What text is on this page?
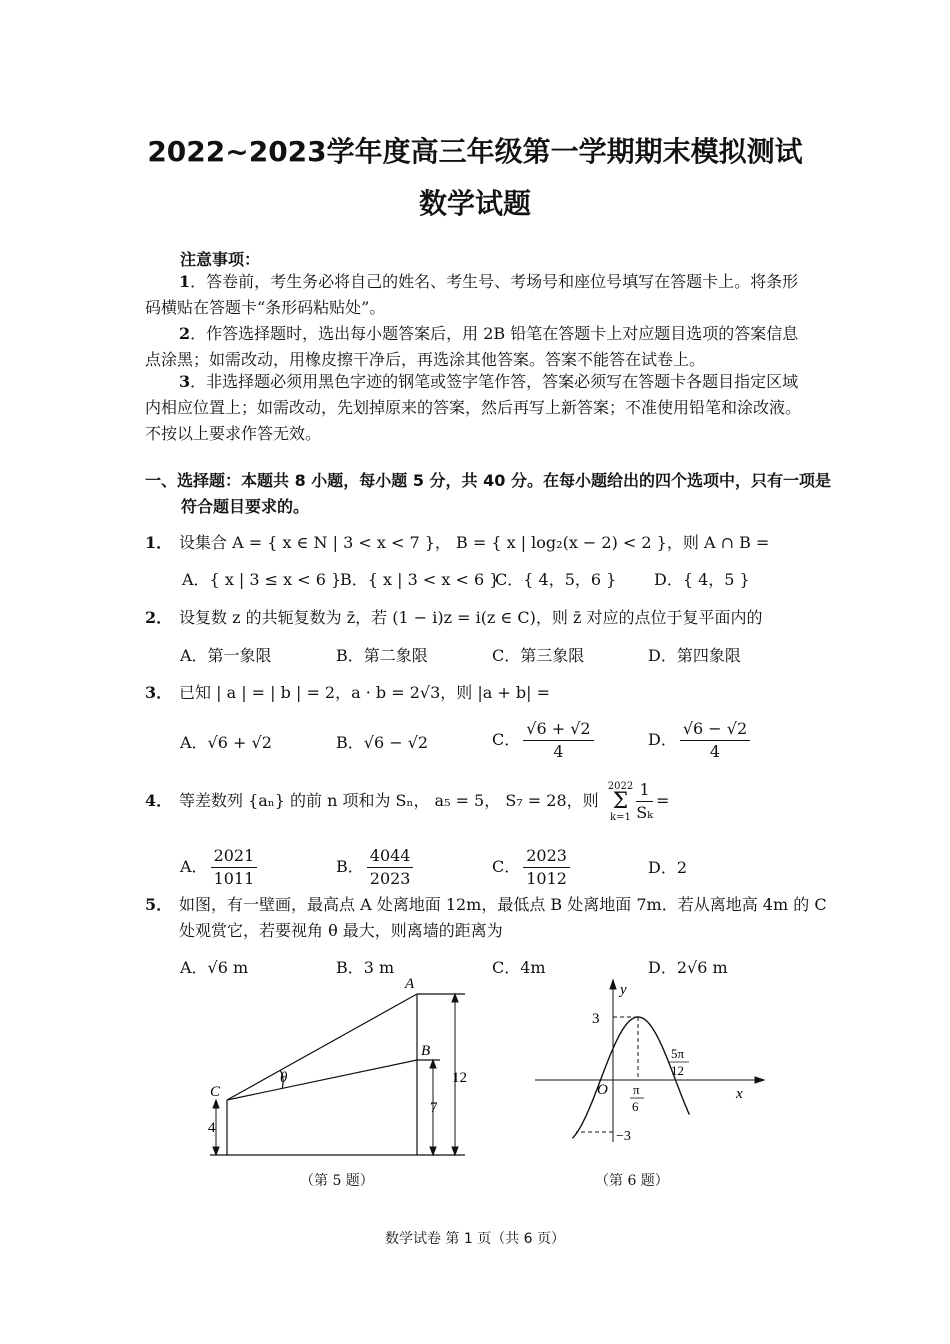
2022~2023学年度高三年级第一学期期末模拟测试
数学试题
注意事项：
1．答卷前，考生务必将自己的姓名、考生号、考场号和座位号填写在答题卡上。将条形码横贴在答题卡“条形码粘贴处”。
2．作答选择题时，选出每小题答案后，用 2B 铅笔在答题卡上对应题目选项的答案信息点涂黑；如需改动，用橡皮擦干净后，再选涂其他答案。答案不能答在试卷上。
3．非选择题必须用黑色字迹的钢笔或签字笔作答，答案必须写在答题卡各题目指定区域内相应位置上；如需改动，先划掉原来的答案，然后再写上新答案；不准使用铅笔和涂改液。不按以上要求作答无效。
一、选择题：本题共 8 小题，每小题 5 分，共 40 分。在每小题给出的四个选项中，只有一项是符合题目要求的。
1． 设集合 A = { x ∈ N | 3 < x < 7 }， B = { x | log₂(x − 2) < 2 }，则 A ∩ B =
A．{ x | 3 ≤ x < 6 }
B．{ x | 3 < x < 6 }
C．{ 4，5，6 } D．{ 4，5 }
2． 设复数 z 的共轭复数为 z̄，若 (1 − i)z = i(z ∈ C)，则 z̄ 对应的点位于复平面内的
A．第一象限	B．第二象限	C．第三象限	D．第四象限
3． 已知 | a | = | b | = 2，a · b = 2√3，则 |a + b| =
A．√6 + √2	B．√6 − √2	C． $\frac{√6 + √2}{4}$	D． $\frac{√6 - √2}{4}$
4． 等差数列 {aₙ} 的前 n 项和为 Sₙ， a₅ = 5， S₇ = 28，则
2022
Σ
$k=1 \frac{1}{\text{Sₖ}}$ =
A． $\frac{2021}{1011}$	B． $\frac{4044}{2023}$	C． $\frac{2023}{1012}$	D．2
5． 如图，有一壁画，最高点 A 处离地面 12m，最低点 B 处离地面 7m．若从离地高 4m 的 C 处观赏它，若要视角 θ 最大，则离墙的距离为
A．√6 m	B．3 m	C．4m	D．2√6 m
A
B
C
θ	12
7
4
（第 5 题）
y
x
O
3
−3
π
6
5π
12
（第 6 题）
数学试卷 第 1 页（共 6 页）
